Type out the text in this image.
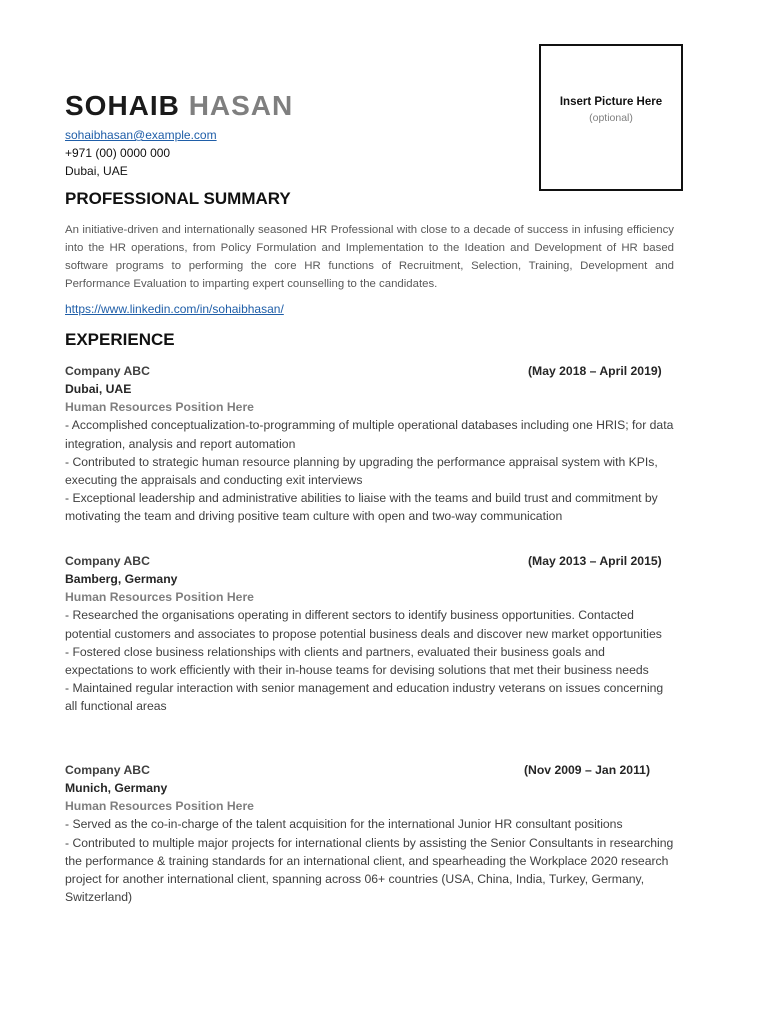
SOHAIB HASAN
sohaibhasan@example.com
+971 (00) 0000 000
Dubai, UAE
Insert Picture Here
(optional)
PROFESSIONAL SUMMARY
An initiative-driven and internationally seasoned HR Professional with close to a decade of success in infusing efficiency into the HR operations, from Policy Formulation and Implementation to the Ideation and Development of HR based software programs to performing the core HR functions of Recruitment, Selection, Training, Development and Performance Evaluation to imparting expert counselling to the candidates.
https://www.linkedin.com/in/sohaibhasan/
EXPERIENCE
Company ABC	(May 2018 – April 2019)
Dubai, UAE
Human Resources Position Here
- Accomplished conceptualization-to-programming of multiple operational databases including one HRIS; for data integration, analysis and report automation
- Contributed to strategic human resource planning by upgrading the performance appraisal system with KPIs, executing the appraisals and conducting exit interviews
- Exceptional leadership and administrative abilities to liaise with the teams and build trust and commitment by motivating the team and driving positive team culture with open and two-way communication
Company ABC	(May 2013 – April 2015)
Bamberg, Germany
Human Resources Position Here
- Researched the organisations operating in different sectors to identify business opportunities. Contacted potential customers and associates to propose potential business deals and discover new market opportunities
- Fostered close business relationships with clients and partners, evaluated their business goals and expectations to work efficiently with their in-house teams for devising solutions that met their business needs
- Maintained regular interaction with senior management and education industry veterans on issues concerning all functional areas
Company ABC	(Nov 2009 – Jan 2011)
Munich, Germany
Human Resources Position Here
- Served as the co-in-charge of the talent acquisition for the international Junior HR consultant positions
- Contributed to multiple major projects for international clients by assisting the Senior Consultants in researching the performance & training standards for an international client, and spearheading the Workplace 2020 research project for another international client, spanning across 06+ countries (USA, China, India, Turkey, Germany, Switzerland)
